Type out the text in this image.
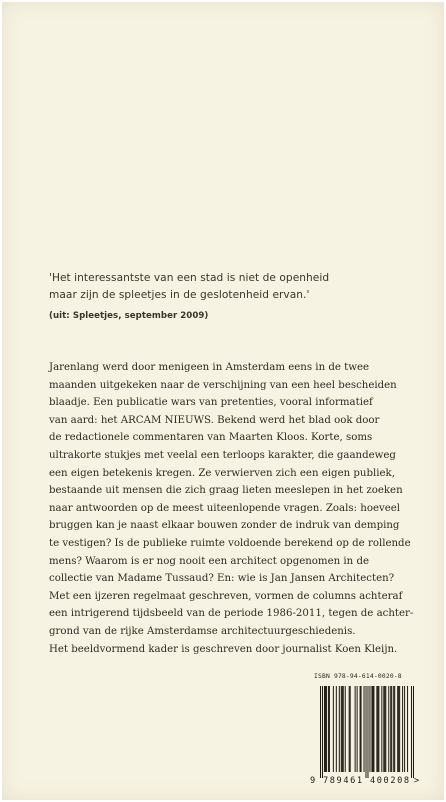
'Het interessantste van een stad is niet de openheid
maar zijn de spleetjes in de geslotenheid ervan.'
(uit: Spleetjes, september 2009)
Jarenlang werd door menigeen in Amsterdam eens in de twee
maanden uitgekeken naar de verschijning van een heel bescheiden
blaadje. Een publicatie wars van pretenties, vooral informatief
van aard: het ARCAM NIEUWS. Bekend werd het blad ook door
de redactionele commentaren van Maarten Kloos. Korte, soms
ultrakorte stukjes met veelal een terloops karakter, die gaandeweg
een eigen betekenis kregen. Ze verwierven zich een eigen publiek,
bestaande uit mensen die zich graag lieten meeslepen in het zoeken
naar antwoorden op de meest uiteenlopende vragen. Zoals: hoeveel
bruggen kan je naast elkaar bouwen zonder de indruk van demping
te vestigen? Is de publieke ruimte voldoende berekend op de rollende
mens? Waarom is er nog nooit een architect opgenomen in de
collectie van Madame Tussaud? En: wie is Jan Jansen Architecten?
Met een ijzeren regelmaat geschreven, vormen de columns achteraf
een intrigerend tijdsbeeld van de periode 1986-2011, tegen de achter-
grond van de rijke Amsterdamse architectuurgeschiedenis.
Het beeldvormend kader is geschreven door journalist Koen Kleijn.
ISBN 978-94-614-0020-8
9 789461 400208 >
